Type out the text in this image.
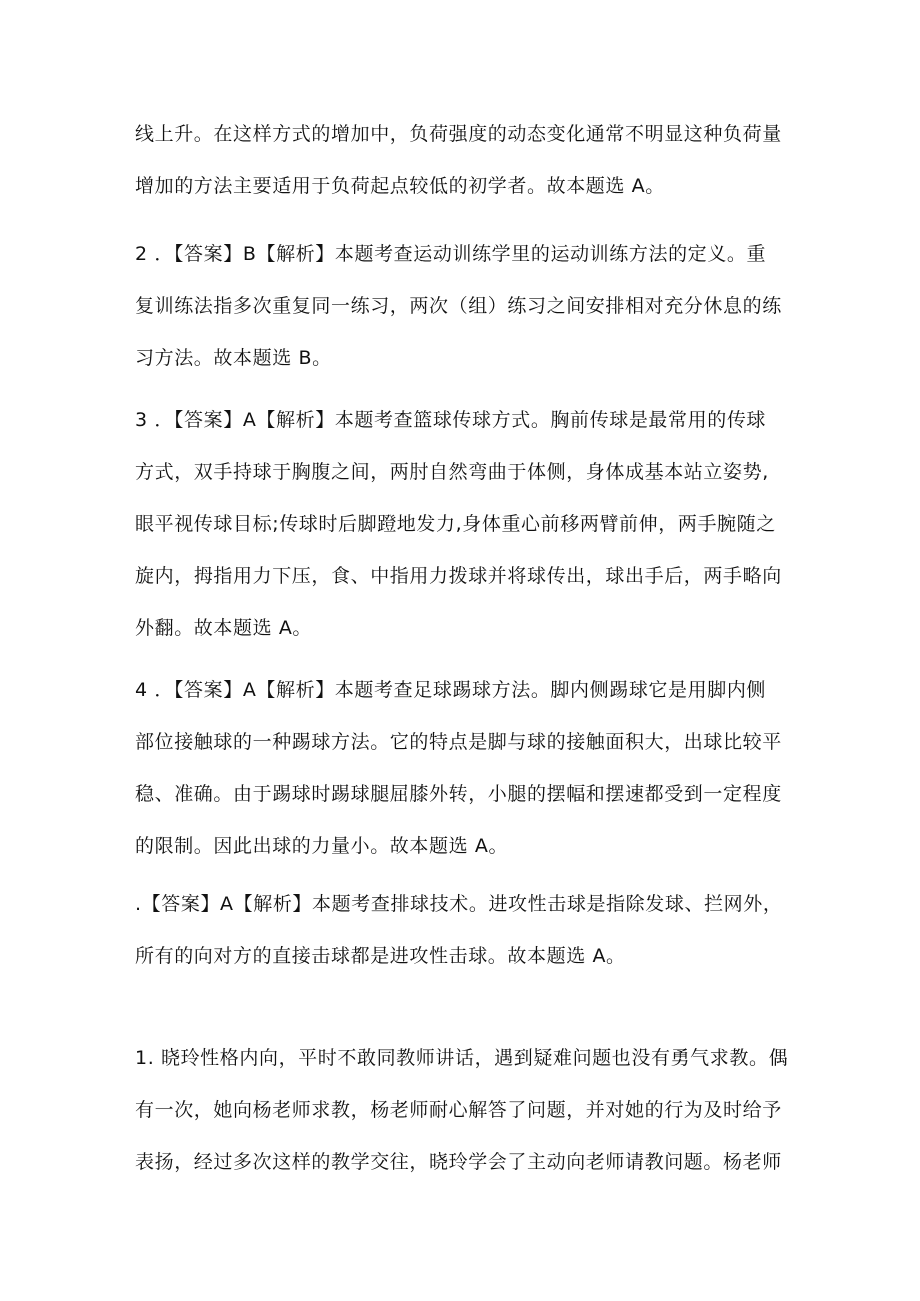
线上升。在这样方式的增加中，负荷强度的动态变化通常不明显这种负荷量
增加的方法主要适用于负荷起点较低的初学者。故本题选 A。

2 ．【答案】B【解析】本题考查运动训练学里的运动训练方法的定义。重
复训练法指多次重复同一练习，两次（组）练习之间安排相对充分休息的练
习方法。故本题选 B。

3 ．【答案】A【解析】本题考查篮球传球方式。胸前传球是最常用的传球
方式，双手持球于胸腹之间，两肘自然弯曲于体侧，身体成基本站立姿势,
眼平视传球目标;传球时后脚蹬地发力,身体重心前移两臂前伸，两手腕随之
旋内，拇指用力下压，食、中指用力拨球并将球传出，球出手后，两手略向
外翻。故本题选 A。

4 ．【答案】A【解析】本题考查足球踢球方法。脚内侧踢球它是用脚内侧
部位接触球的一种踢球方法。它的特点是脚与球的接触面积大，出球比较平
稳、准确。由于踢球时踢球腿屈膝外转，小腿的摆幅和摆速都受到一定程度
的限制。因此出球的力量小。故本题选 A。

.【答案】A【解析】本题考查排球技术。进攻性击球是指除发球、拦网外，
所有的向对方的直接击球都是进攻性击球。故本题选 A。

1. 晓玲性格内向，平时不敢同教师讲话，遇到疑难问题也没有勇气求教。偶
有一次，她向杨老师求教，杨老师耐心解答了问题，并对她的行为及时给予
表扬，经过多次这样的教学交往，晓玲学会了主动向老师请教问题。杨老师
